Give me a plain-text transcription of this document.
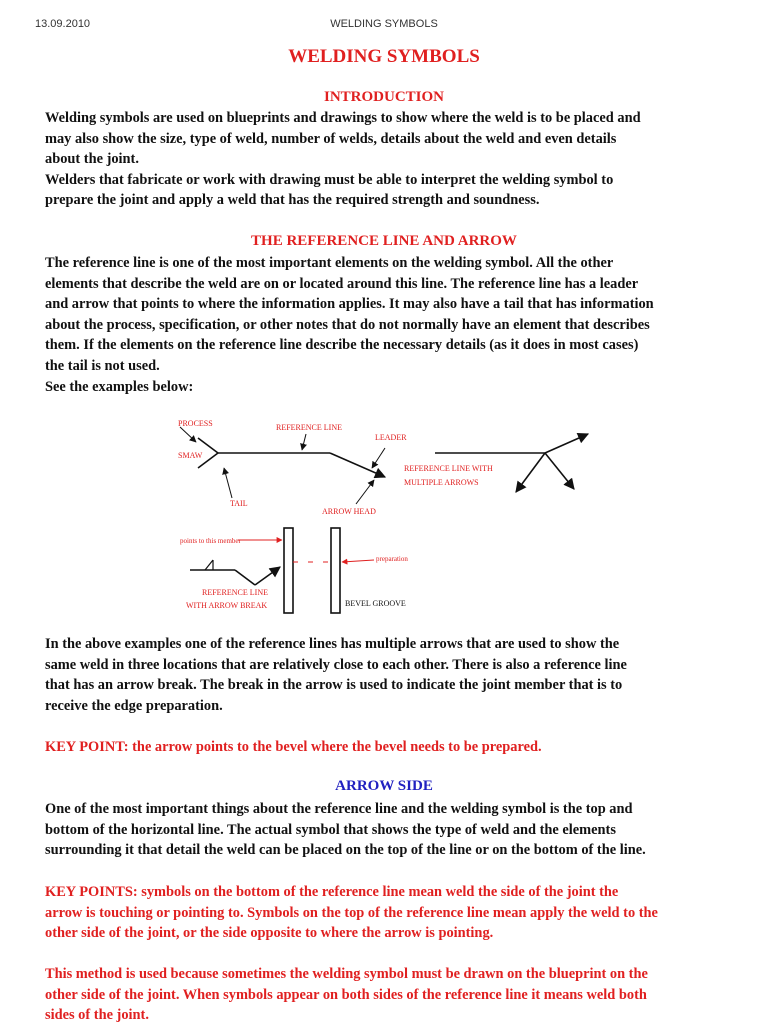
13.09.2010	WELDING SYMBOLS
WELDING SYMBOLS
INTRODUCTION
Welding symbols are used on blueprints and drawings to show where the weld is to be placed and
may also show the size, type of weld, number of welds, details about the weld and even details
about the joint.
Welders that fabricate or work with drawing must be able to interpret the welding symbol to
prepare the joint and apply a weld that has the required strength and soundness.
THE REFERENCE LINE AND ARROW
The reference line is one of the most important elements on the welding symbol. All the other
elements that describe the weld are on or located around this line. The reference line has a leader
and arrow that points to where the information applies. It may also have a tail that has information
about the process, specification, or other notes that do not normally have an element that describes
them. If the elements on the reference line describe the necessary details (as it does in most cases)
the tail is not used.
See the examples below:
PROCESS
SMAW
REFERENCE LINE
LEADER
TAIL
ARROW HEAD
REFERENCE LINE WITH
MULTIPLE ARROWS
points to this member
preparation
REFERENCE LINE
WITH ARROW BREAK	BEVEL GROOVE
In the above examples one of the reference lines has multiple arrows that are used to show the
same weld in three locations that are relatively close to each other. There is also a reference line
that has an arrow break. The break in the arrow is used to indicate the joint member that is to
receive the edge preparation.
KEY POINT: the arrow points to the bevel where the bevel needs to be prepared.
ARROW SIDE
One of the most important things about the reference line and the welding symbol is the top and
bottom of the horizontal line. The actual symbol that shows the type of weld and the elements
surrounding it that detail the weld can be placed on the top of the line or on the bottom of the line.
KEY POINTS: symbols on the bottom of the reference line mean weld the side of the joint the
arrow is touching or pointing to. Symbols on the top of the reference line mean apply the weld to the
other side of the joint, or the side opposite to where the arrow is pointing.
This method is used because sometimes the welding symbol must be drawn on the blueprint on the
other side of the joint. When symbols appear on both sides of the reference line it means weld both
sides of the joint.
